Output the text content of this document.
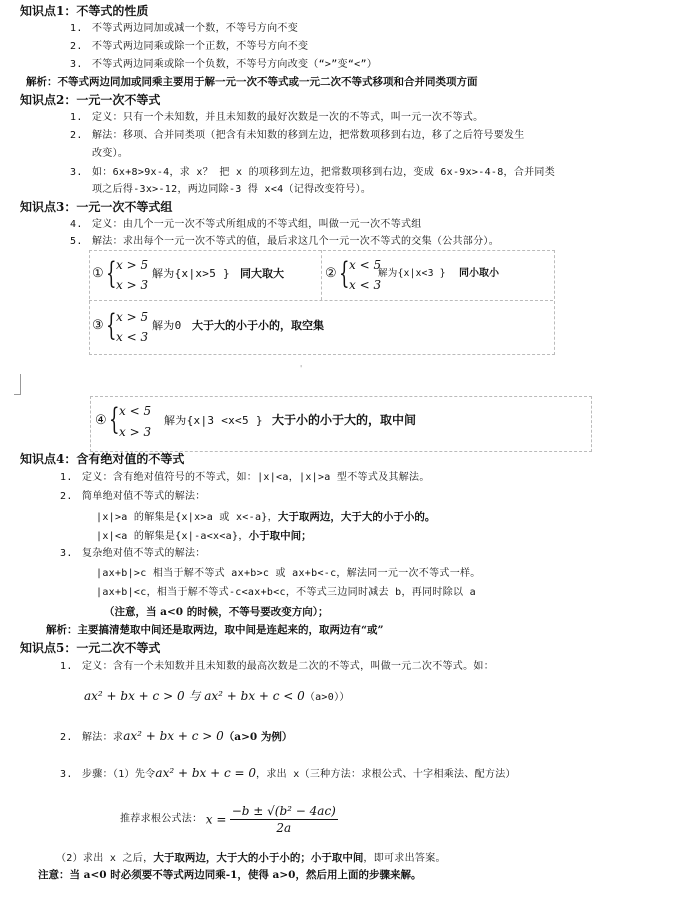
知识点1：不等式的性质
1. 不等式两边同加或减一个数，不等号方向不变
2. 不等式两边同乘或除一个正数，不等号方向不变
3. 不等式两边同乘或除一个负数，不等号方向改变（“>”变“<”）
解析：不等式两边同加或同乘主要用于解一元一次不等式或一元二次不等式移项和合并同类项方面
知识点2：一元一次不等式
1. 定义：只有一个未知数，并且未知数的最好次数是一次的不等式，叫一元一次不等式。
2. 解法：移项、合并同类项（把含有未知数的移到左边，把常数项移到右边，移了之后符号要发生
改变）。
3. 如：6x+8>9x-4，求 x？ 把 x 的项移到左边，把常数项移到右边，变成 6x-9x>-4-8，合并同类
项之后得-3x>-12，两边同除-3 得 x<4（记得改变符号）。
知识点3：一元一次不等式组
4. 定义：由几个一元一次不等式所组成的不等式组，叫做一元一次不等式组
5. 解法：求出每个一元一次不等式的值，最后求这几个一元一次不等式的交集（公共部分）。
① { x > 5
x > 3
解为{x|x>5 } 同大取大	② { x < 5
x < 3
解为{x|x<3 } 同小取小
③ { x > 5
x < 3
解为0 大于大的小于小的，取空集
'
④ { x < 5
x > 3
解为{x|3 <x<5 } 大于小的小于大的，取中间
知识点4：含有绝对值的不等式
1. 定义：含有绝对值符号的不等式，如：|x|<a，|x|>a 型不等式及其解法。
2. 简单绝对值不等式的解法：
|x|>a 的解集是{x|x>a 或 x<-a}，大于取两边，大于大的小于小的。
|x|<a 的解集是{x|-a<x<a}，小于取中间；
3. 复杂绝对值不等式的解法：
|ax+b|>c 相当于解不等式 ax+b>c 或 ax+b<-c，解法同一元一次不等式一样。
|ax+b|<c，相当于解不等式-c<ax+b<c，不等式三边同时减去 b，再同时除以 a
（注意，当 a<0 的时候，不等号要改变方向）；
解析：主要搞清楚取中间还是取两边，取中间是连起来的，取两边有“或”
知识点5：一元二次不等式
1. 定义：含有一个未知数并且未知数的最高次数是二次的不等式，叫做一元二次不等式。如：
ax² + bx + c > 0 与 ax² + bx + c < 0（a>0））
2. 解法：求ax² + bx + c > 0（a>0 为例）
3. 步骤：（1）先令ax² + bx + c = 0，求出 x（三种方法：求根公式、十字相乘法、配方法）
推荐求根公式法： $x = \frac{\text{−b ± √(b² − 4ac)}}{2a}$
（2）求出 x 之后，大于取两边，大于大的小于小的；小于取中间，即可求出答案。
注意：当 a<0 时必须要不等式两边同乘-1，使得 a>0，然后用上面的步骤来解。
